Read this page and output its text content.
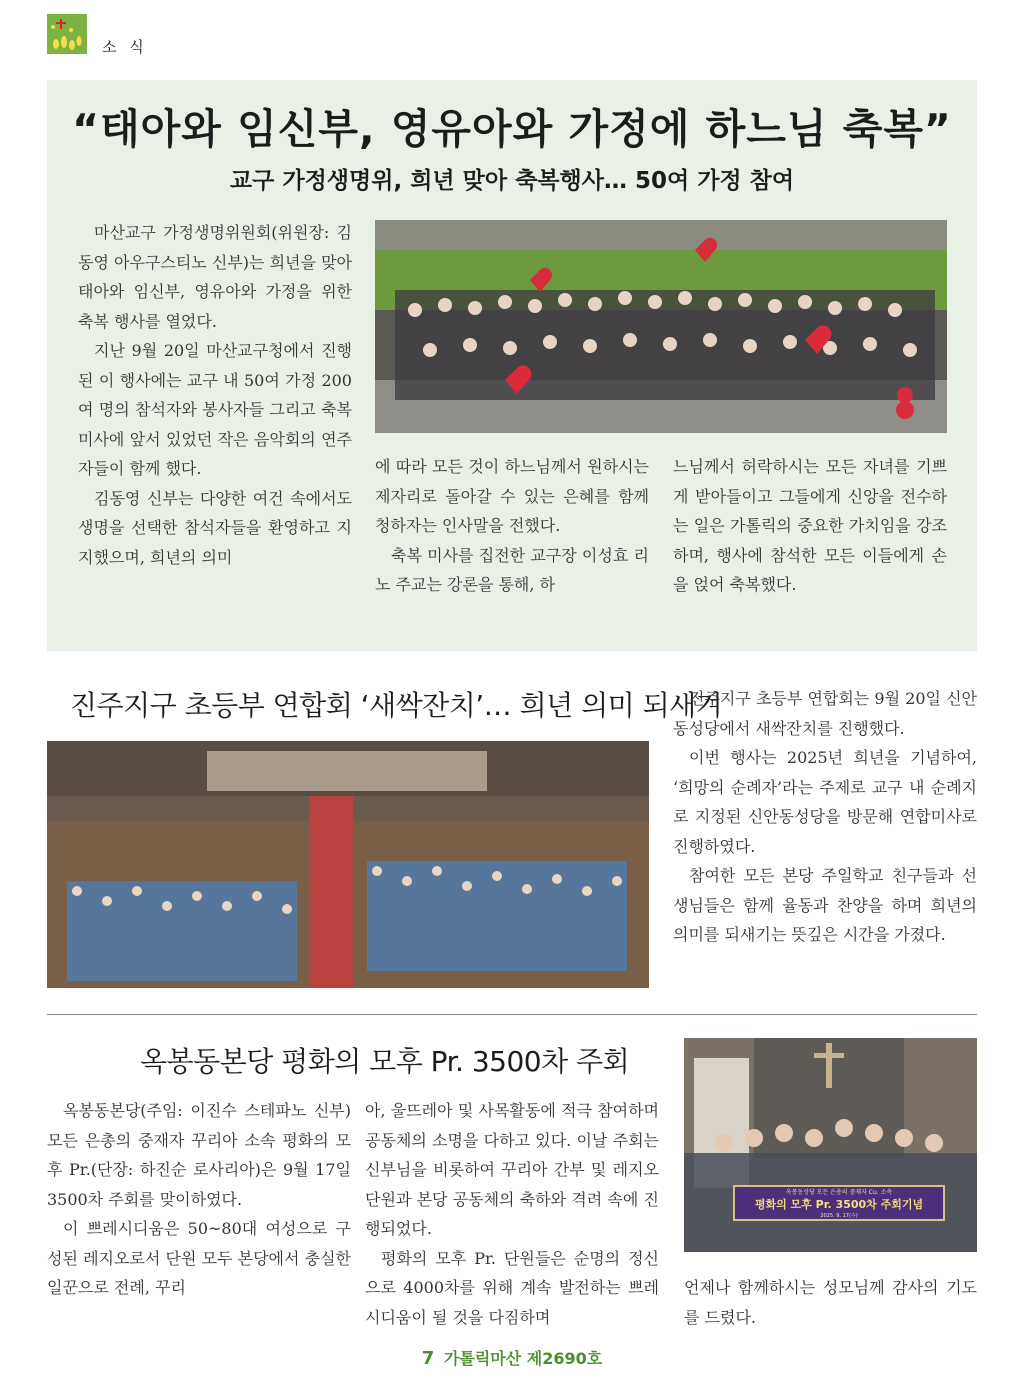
소 식
“태아와 임신부, 영유아와 가정에 하느님 축복”
교구 가정생명위, 희년 맞아 축복행사… 50여 가정 참여

마산교구 가정생명위원회(위원장: 김동영 아우구스티노 신부)는 희년을 맞아 태아와 임신부, 영유아와 가정을 위한 축복 행사를 열었다.

지난 9월 20일 마산교구청에서 진행된 이 행사에는 교구 내 50여 가정 200여 명의 참석자와 봉사자들 그리고 축복 미사에 앞서 있었던 작은 음악회의 연주자들이 함께 했다.

김동영 신부는 다양한 여건 속에서도 생명을 선택한 참석자들을 환영하고 지지했으며, 희년의 의미

에 따라 모든 것이 하느님께서 원하시는 제자리로 돌아갈 수 있는 은혜를 함께 청하자는 인사말을 전했다.

축복 미사를 집전한 교구장 이성효 리노 주교는 강론을 통해, 하

느님께서 허락하시는 모든 자녀를 기쁘게 받아들이고 그들에게 신앙을 전수하는 일은 가톨릭의 중요한 가치임을 강조하며, 행사에 참석한 모든 이들에게 손을 얹어 축복했다.

진주지구 초등부 연합회 ‘새싹잔치’… 희년 의미 되새겨

진주지구 초등부 연합회는 9월 20일 신안동성당에서 새싹잔치를 진행했다.

이번 행사는 2025년 희년을 기념하여, ‘희망의 순례자’라는 주제로 교구 내 순례지로 지정된 신안동성당을 방문해 연합미사로 진행하였다.

참여한 모든 본당 주일학교 친구들과 선생님들은 함께 율동과 찬양을 하며 희년의 의미를 되새기는 뜻깊은 시간을 가졌다.

옥봉동본당 평화의 모후 Pr. 3500차 주회

옥봉동본당(주임: 이진수 스테파노 신부) 모든 은총의 중재자 꾸리아 소속 평화의 모후 Pr.(단장: 하진순 로사리아)은 9월 17일 3500차 주회를 맞이하였다.

이 쁘레시디움은 50~80대 여성으로 구성된 레지오로서 단원 모두 본당에서 충실한 일꾼으로 전례, 꾸리

아, 울뜨레아 및 사목활동에 적극 참여하며 공동체의 소명을 다하고 있다. 이날 주회는 신부님을 비롯하여 꾸리아 간부 및 레지오 단원과 본당 공동체의 축하와 격려 속에 진행되었다.

평화의 모후 Pr. 단원들은 순명의 정신으로 4000차를 위해 계속 발전하는 쁘레시디움이 될 것을 다짐하며

옥봉동성당 모든 은총의 중재자 Cu. 소속
평화의 모후 Pr. 3500차 주회기념
2025. 9. 17(수)

언제나 함께하시는 성모님께 감사의 기도를 드렸다.

7 가톨릭마산 제2690호
